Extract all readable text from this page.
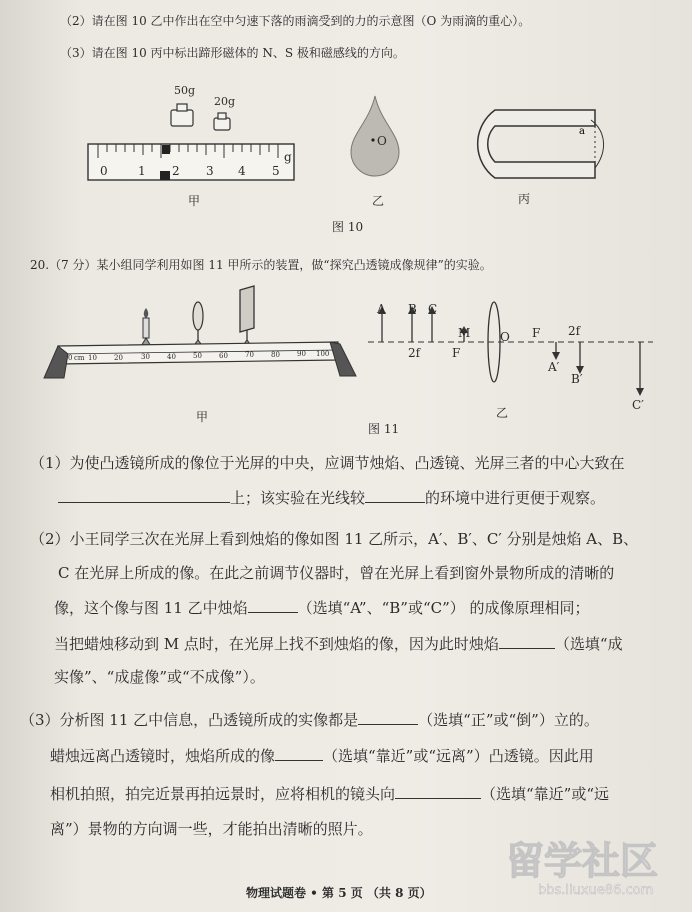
（2）请在图 10 乙中作出在空中匀速下落的雨滴受到的力的示意图（O 为雨滴的重心）。
（3）请在图 10 丙中标出蹄形磁体的 N、S 极和磁感线的方向。
50g
20g
0	1 2 3 4 5
g
甲
O
乙
a
丙
图 10
20.（7 分）某小组同学利用如图 11 甲所示的装置，做“探究凸透镜成像规律”的实验。
0 cm 10 20	30 40 50 60 70 80 90 100
甲
A B C
M O F 2f
2f	F
A′
B′
C′
乙
图 11
（1）为使凸透镜所成的像位于光屏的中央，应调节烛焰、凸透镜、光屏三者的中心大致在
上；该实验在光线较	的环境中进行更便于观察。
（2）小王同学三次在光屏上看到烛焰的像如图 11 乙所示，A′、B′、C′ 分别是烛焰 A、B、
C 在光屏上所成的像。在此之前调节仪器时，曾在光屏上看到窗外景物所成的清晰的
像，这个像与图 11 乙中烛焰	（选填“A”、“B”或“C”） 的成像原理相同；
当把蜡烛移动到 M 点时，在光屏上找不到烛焰的像，因为此时烛焰	（选填“成
实像”、“成虚像”或“不成像”）。
（3）分析图 11 乙中信息，凸透镜所成的实像都是	（选填“正”或“倒”）立的。
蜡烛远离凸透镜时，烛焰所成的像	（选填“靠近”或“远离”）凸透镜。因此用
相机拍照，拍完近景再拍远景时，应将相机的镜头向	（选填“靠近”或“远
离”）景物的方向调一些，才能拍出清晰的照片。
物理试题卷 • 第 5 页 （共 8 页）
留学社区
bbs.liuxue86.com
